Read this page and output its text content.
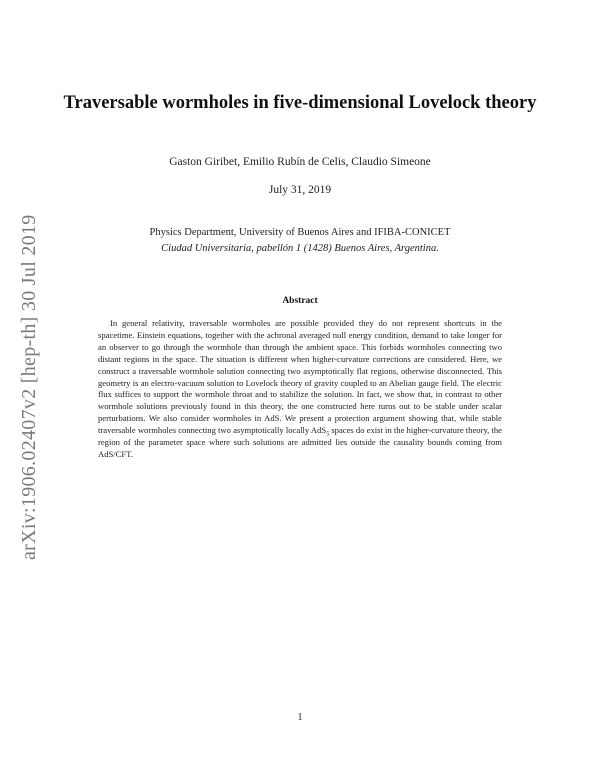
arXiv:1906.02407v2 [hep-th] 30 Jul 2019
Traversable wormholes in five-dimensional Lovelock theory
Gaston Giribet, Emilio Rubín de Celis, Claudio Simeone
July 31, 2019
Physics Department, University of Buenos Aires and IFIBA-CONICET
Ciudad Universitaria, pabellón 1 (1428) Buenos Aires, Argentina.
Abstract
In general relativity, traversable wormholes are possible provided they do not represent shortcuts in the spacetime. Einstein equations, together with the achronal averaged null energy condition, demand to take longer for an observer to go through the wormhole than through the ambient space. This forbids wormholes connecting two distant regions in the space. The situation is different when higher-curvature corrections are considered. Here, we construct a traversable wormhole solution connecting two asymptotically flat regions, otherwise disconnected. This geometry is an electro-vacuum solution to Lovelock theory of gravity coupled to an Abelian gauge field. The electric flux suffices to support the wormhole throat and to stabilize the solution. In fact, we show that, in contrast to other wormhole solutions previously found in this theory, the one constructed here turns out to be stable under scalar perturbations. We also consider wormholes in AdS. We present a protection argument showing that, while stable traversable wormholes connecting two asymptotically locally AdS$_5$ spaces do exist in the higher-curvature theory, the region of the parameter space where such solutions are admitted lies outside the causality bounds coming from AdS/CFT.
1
